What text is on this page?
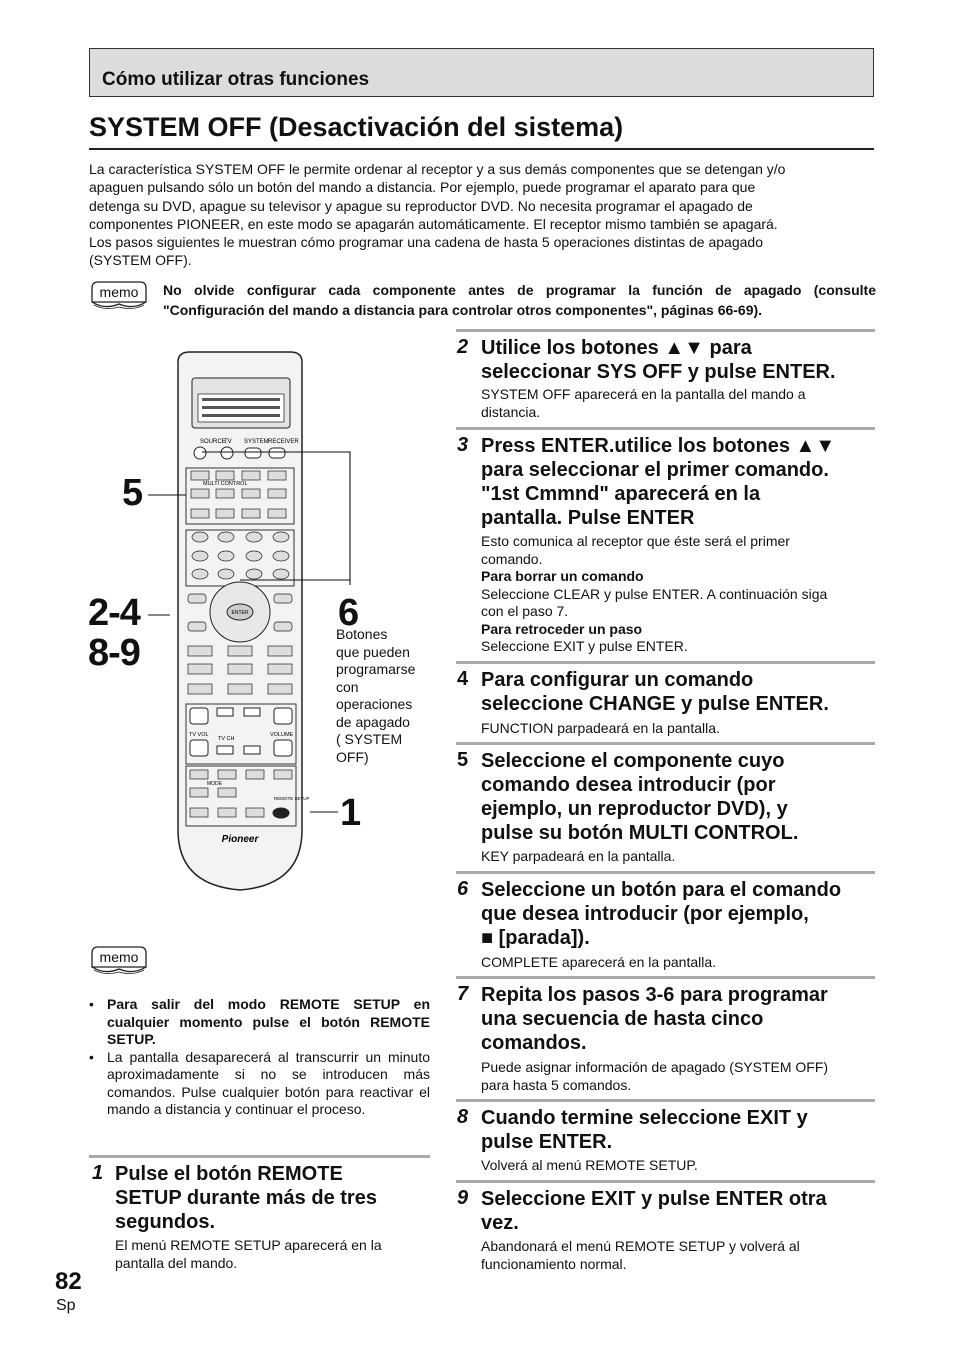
Cómo utilizar otras funciones
SYSTEM OFF (Desactivación del sistema)
La característica SYSTEM OFF le permite ordenar al receptor y a sus demás componentes que se detengan y/o
apaguen pulsando sólo un botón del mando a distancia. Por ejemplo, puede programar el aparato para que
detenga su DVD, apague su televisor y apague su reproductor DVD. No necesita programar el apagado de
componentes PIONEER, en este modo se apagarán automáticamente. El receptor mismo también se apagará.
Los pasos siguientes le muestran cómo programar una cadena de hasta 5 operaciones distintas de apagado
(SYSTEM OFF).
memo No olvide configurar cada componente antes de programar la función de apagado (consulte "Configuración del mando a distancia para controlar otros componentes", páginas 66-69).
SOURCE
TV SYSTEM RECEIVER
MULTI CONTROL
ENTER
TV VOL
TV CH
VOLUME
MODE
REMOTE SETUP
Pioneer
5
2-4
8-9
6
1
Botones
que pueden
programarse
con
operaciones
de apagado
( SYSTEM
OFF)
memo
• Para salir del modo REMOTE SETUP en cualquier momento pulse el botón REMOTE SETUP.
• La pantalla desaparecerá al transcurrir un minuto aproximadamente si no se introducen más comandos. Pulse cualquier botón para reactivar el mando a distancia y continuar el proceso.
1 Pulse el botón REMOTE
SETUP durante más de tres
segundos.
El menú REMOTE SETUP aparecerá en la
pantalla del mando.
2 Utilice los botones ▲▼ para
seleccionar SYS OFF y pulse ENTER.
SYSTEM OFF aparecerá en la pantalla del mando a
distancia.
3 Press ENTER.utilice los botones ▲▼
para seleccionar el primer comando.
"1st Cmmnd" aparecerá en la
pantalla. Pulse ENTER
Esto comunica al receptor que éste será el primer
comando.
Para borrar un comando
Seleccione CLEAR y pulse ENTER. A continuación siga
con el paso 7.
Para retroceder un paso
Seleccione EXIT y pulse ENTER.
4 Para configurar un comando
seleccione CHANGE y pulse ENTER.
FUNCTION parpadeará en la pantalla.
5 Seleccione el componente cuyo
comando desea introducir (por
ejemplo, un reproductor DVD), y
pulse su botón MULTI CONTROL.
KEY parpadeará en la pantalla.
6 Seleccione un botón para el comando
que desea introducir (por ejemplo,
■ [parada]).
COMPLETE aparecerá en la pantalla.
7 Repita los pasos 3-6 para programar
una secuencia de hasta cinco
comandos.
Puede asignar información de apagado (SYSTEM OFF)
para hasta 5 comandos.
8 Cuando termine seleccione EXIT y
pulse ENTER.
Volverá al menú REMOTE SETUP.
9 Seleccione EXIT y pulse ENTER otra
vez.
Abandonará el menú REMOTE SETUP y volverá al
funcionamiento normal.
82
Sp
